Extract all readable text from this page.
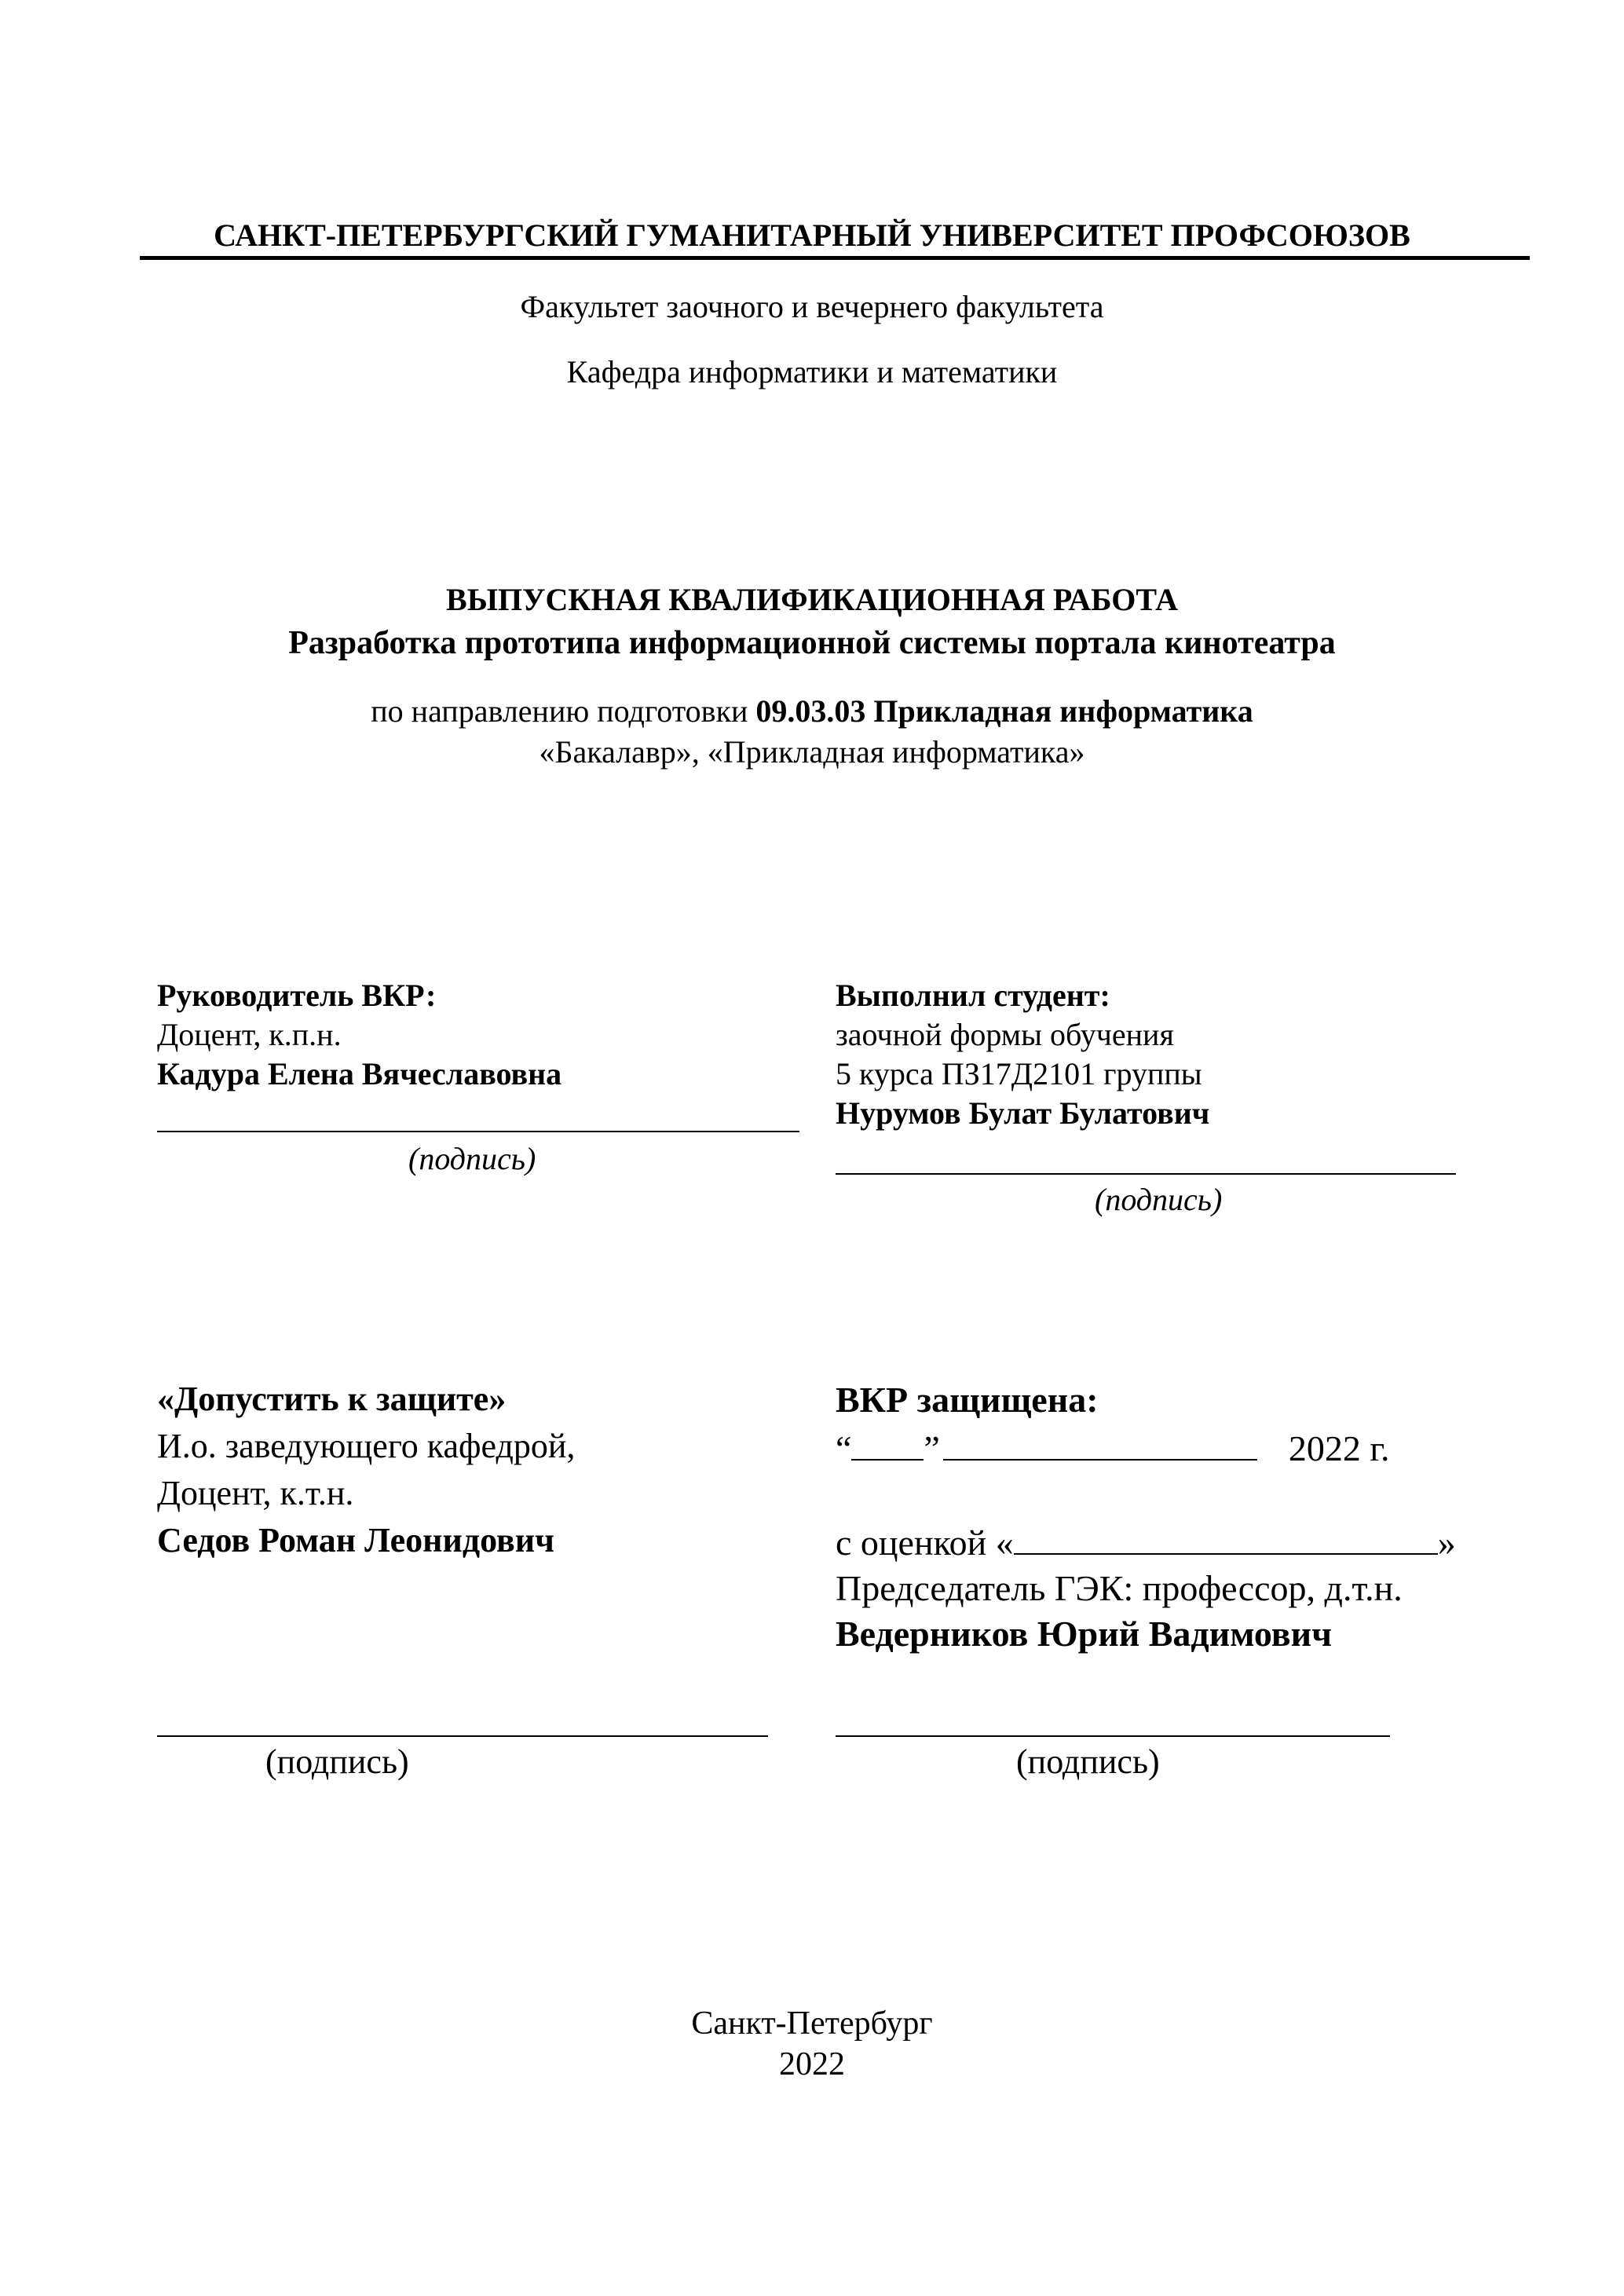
САНКТ-ПЕТЕРБУРГСКИЙ ГУМАНИТАРНЫЙ УНИВЕРСИТЕТ ПРОФСОЮЗОВ
Факультет заочного и вечернего факультета
Кафедра информатики и математики
ВЫПУСКНАЯ КВАЛИФИКАЦИОННАЯ РАБОТА
Разработка прототипа информационной системы портала кинотеатра
по направлению подготовки 09.03.03 Прикладная информатика
«Бакалавр», «Прикладная информатика»
Руководитель ВКР:
Доцент, к.п.н.
Кадура Елена Вячеславовна
(подпись)
Выполнил студент:
заочной формы обучения
5 курса ПЗ17Д2101 группы
Нурумов Булат Булатович
(подпись)
«Допустить к защите»
И.о. заведующего кафедрой,
Доцент, к.т.н.
Седов Роман Леонидович
(подпись)
ВКР защищена:
“ ”	2022 г.
с оценкой «	»
Председатель ГЭК: профессор, д.т.н.
Ведерников Юрий Вадимович
(подпись)
Санкт-Петербург
2022
